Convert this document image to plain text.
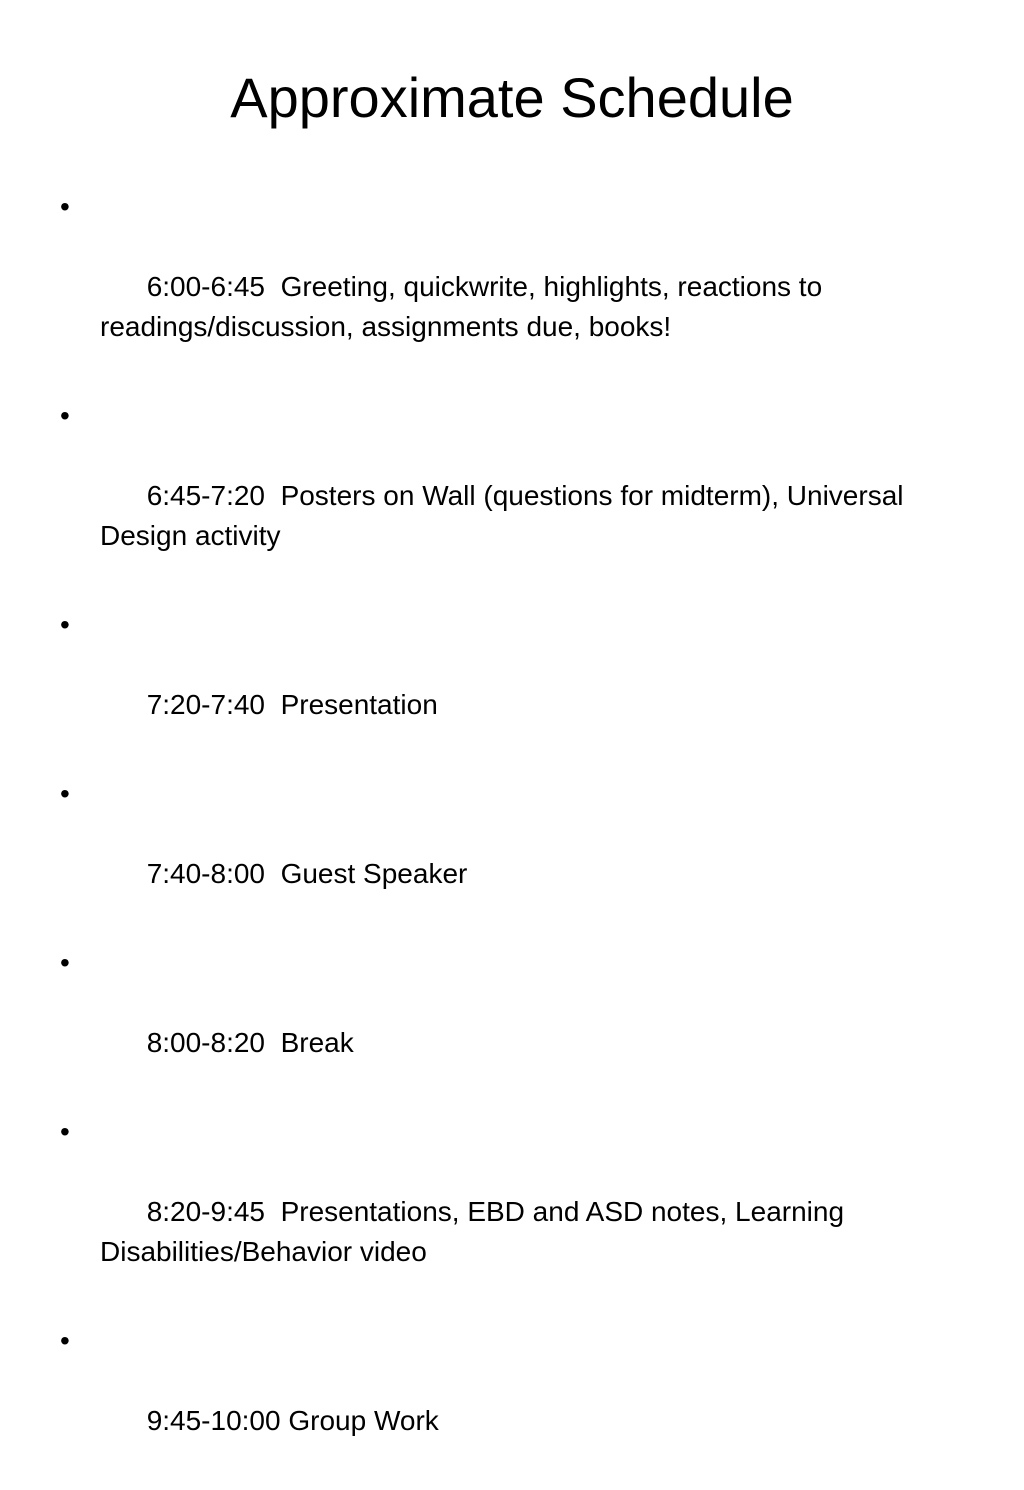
Approximate Schedule

•

6:00-6:45  Greeting, quickwrite, highlights, reactions to readings/discussion, assignments due, books!

•

6:45-7:20  Posters on Wall (questions for midterm), Universal Design activity

•

7:20-7:40  Presentation

•

7:40-8:00  Guest Speaker

•

8:00-8:20  Break

•

8:20-9:45  Presentations, EBD and ASD notes, Learning Disabilities/Behavior video

•

9:45-10:00 Group Work
